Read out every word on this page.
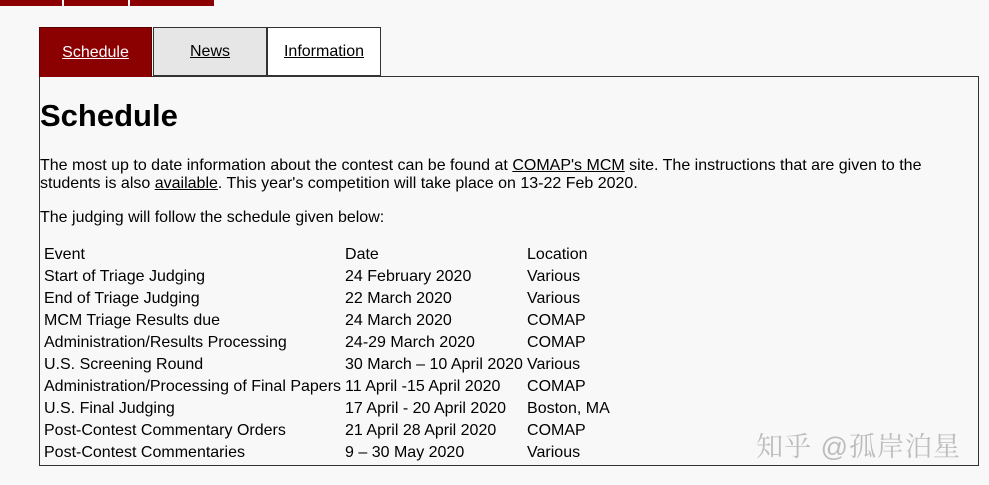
Schedule	News	Information
Schedule

The most up to date information about the contest can be found at COMAP's MCM site. The instructions that are given to the students is also available. This year's competition will take place on 13-22 Feb 2020.

The judging will follow the schedule given below:

Event	Date	Location
Start of Triage Judging	24 February 2020	Various
End of Triage Judging	22 March 2020	Various
MCM Triage Results due	24 March 2020	COMAP
Administration/Results Processing	24-29 March 2020	COMAP
U.S. Screening Round	30 March – 10 April 2020	Various
Administration/Processing of Final Papers	11 April -15 April 2020	COMAP
U.S. Final Judging	17 April - 20 April 2020	Boston, MA
Post-Contest Commentary Orders	21 April 28 April 2020	COMAP
Post-Contest Commentaries	9 – 30 May 2020	Various	知乎 @孤岸泊星
